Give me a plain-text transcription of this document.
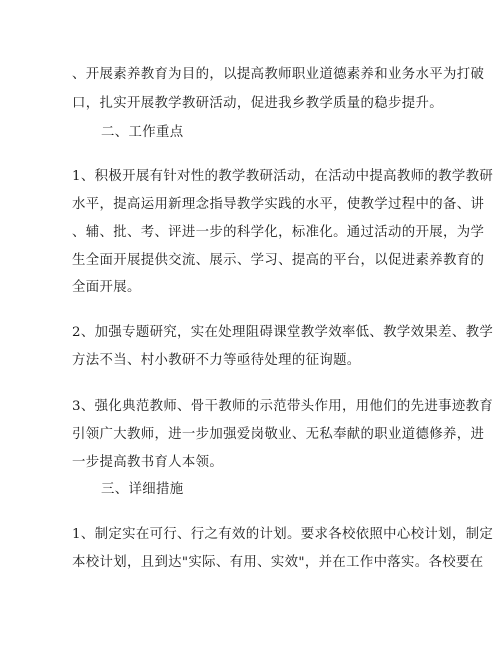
、开展素养教育为目的，以提高教师职业道德素养和业务水平为打破
口，扎实开展教学教研活动，促进我乡教学质量的稳步提升。
二、工作重点
1、积极开展有针对性的教学教研活动，在活动中提高教师的教学教研
水平，提高运用新理念指导教学实践的水平，使教学过程中的备、讲
、辅、批、考、评进一步的科学化，标准化。通过活动的开展，为学
生全面开展提供交流、展示、学习、提高的平台，以促进素养教育的
全面开展。
2、加强专题研究，实在处理阻碍课堂教学效率低、教学效果差、教学
方法不当、村小教研不力等亟待处理的征询题。
3、强化典范教师、骨干教师的示范带头作用，用他们的先进事迹教育
引领广大教师，进一步加强爱岗敬业、无私奉献的职业道德修养，进
一步提高教书育人本领。
三、详细措施
1、制定实在可行、行之有效的计划。要求各校依照中心校计划，制定
本校计划，且到达"实际、有用、实效"，并在工作中落实。各校要在
